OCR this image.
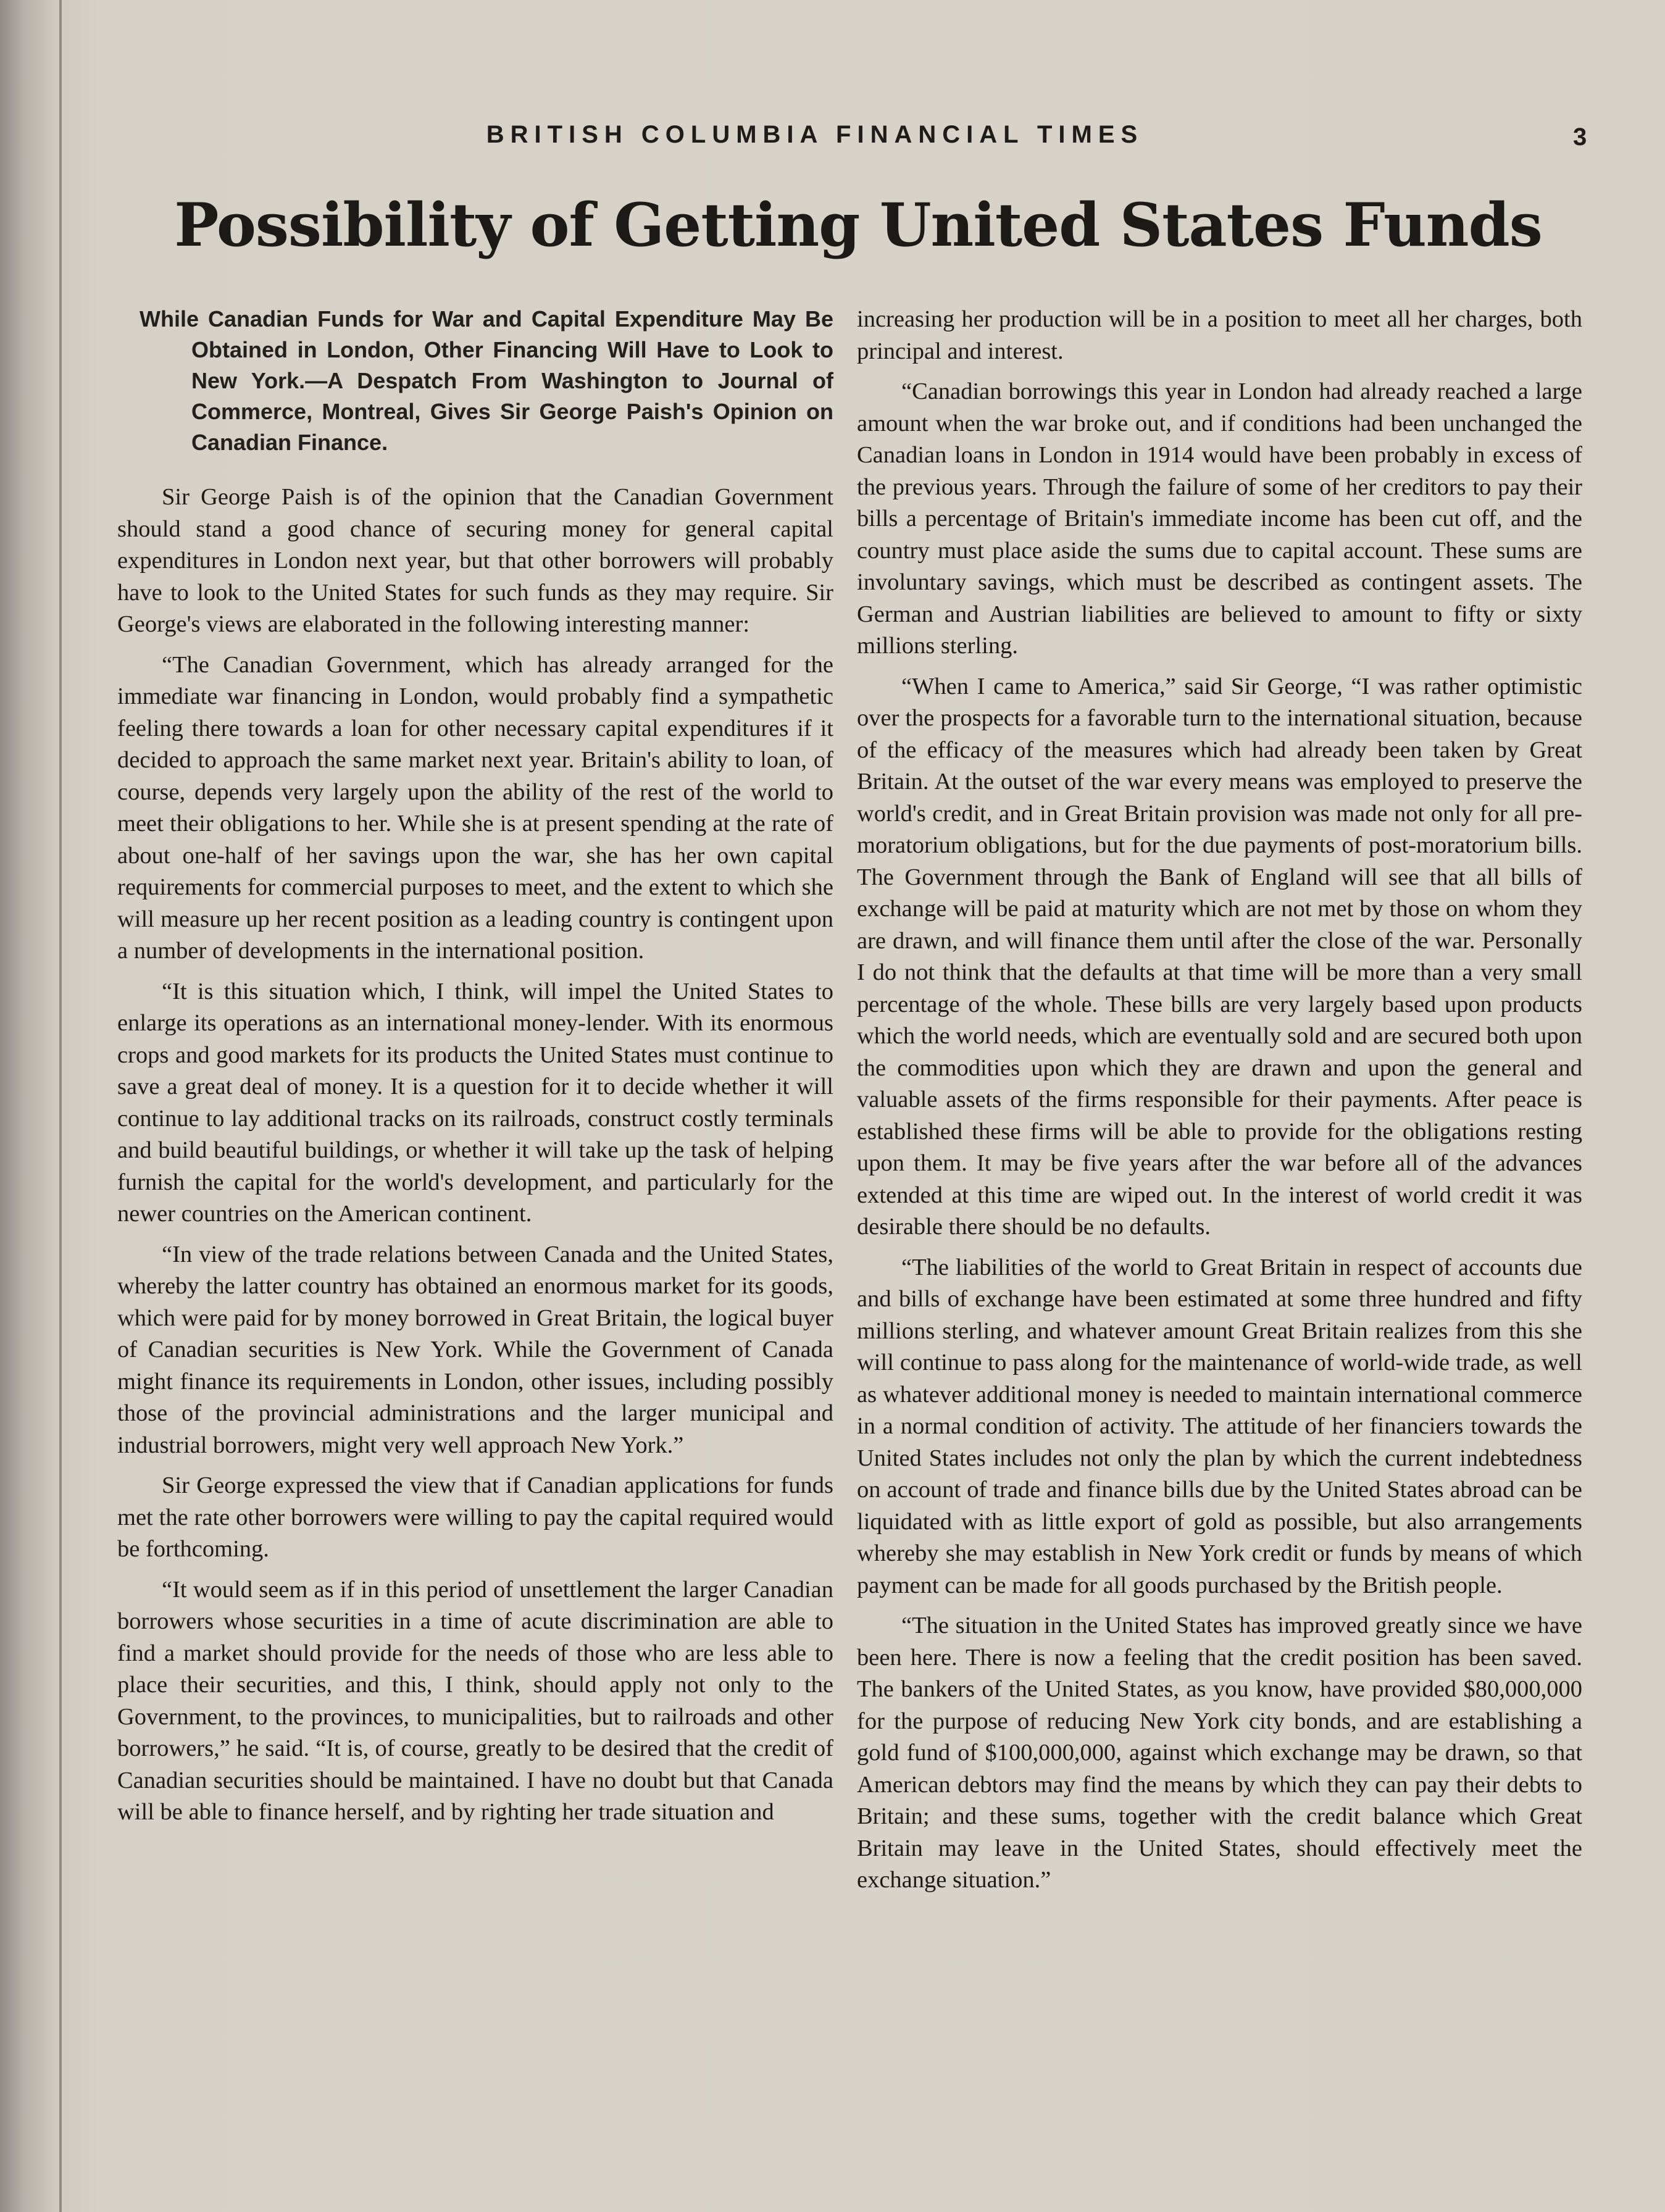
BRITISH COLUMBIA FINANCIAL TIMES	3
Possibility of Getting United States Funds

While Canadian Funds for War and Capital Expenditure May Be Obtained in London, Other Financing Will Have to Look to New York.—A Despatch From Washington to Journal of Commerce, Montreal, Gives Sir George Paish's Opinion on Canadian Finance.

Sir George Paish is of the opinion that the Canadian Government should stand a good chance of securing money for general capital expenditures in London next year, but that other borrowers will probably have to look to the United States for such funds as they may require. Sir George's views are elaborated in the following interesting manner:

“The Canadian Government, which has already arranged for the immediate war financing in London, would probably find a sympathetic feeling there towards a loan for other necessary capital expenditures if it decided to approach the same market next year. Britain's ability to loan, of course, depends very largely upon the ability of the rest of the world to meet their obligations to her. While she is at present spending at the rate of about one-half of her savings upon the war, she has her own capital requirements for commercial purposes to meet, and the extent to which she will measure up her recent position as a leading country is contingent upon a number of developments in the international position.

“It is this situation which, I think, will impel the United States to enlarge its operations as an international money-lender. With its enormous crops and good markets for its products the United States must continue to save a great deal of money. It is a question for it to decide whether it will continue to lay additional tracks on its railroads, construct costly terminals and build beautiful buildings, or whether it will take up the task of helping furnish the capital for the world's development, and particularly for the newer countries on the American continent.

“In view of the trade relations between Canada and the United States, whereby the latter country has obtained an enormous market for its goods, which were paid for by money borrowed in Great Britain, the logical buyer of Canadian securities is New York. While the Government of Canada might finance its requirements in London, other issues, including possibly those of the provincial administrations and the larger municipal and industrial borrowers, might very well approach New York.”

Sir George expressed the view that if Canadian applications for funds met the rate other borrowers were willing to pay the capital required would be forthcoming.

“It would seem as if in this period of unsettlement the larger Canadian borrowers whose securities in a time of acute discrimination are able to find a market should provide for the needs of those who are less able to place their securities, and this, I think, should apply not only to the Government, to the provinces, to municipalities, but to railroads and other borrowers,” he said. “It is, of course, greatly to be desired that the credit of Canadian securities should be maintained. I have no doubt but that Canada will be able to finance herself, and by righting her trade situation and

increasing her production will be in a position to meet all her charges, both principal and interest.

“Canadian borrowings this year in London had already reached a large amount when the war broke out, and if conditions had been unchanged the Canadian loans in London in 1914 would have been probably in excess of the previous years. Through the failure of some of her creditors to pay their bills a percentage of Britain's immediate income has been cut off, and the country must place aside the sums due to capital account. These sums are involuntary savings, which must be described as contingent assets. The German and Austrian liabilities are believed to amount to fifty or sixty millions sterling.

“When I came to America,” said Sir George, “I was rather optimistic over the prospects for a favorable turn to the international situation, because of the efficacy of the measures which had already been taken by Great Britain. At the outset of the war every means was employed to preserve the world's credit, and in Great Britain provision was made not only for all pre-moratorium obligations, but for the due payments of post-moratorium bills. The Government through the Bank of England will see that all bills of exchange will be paid at maturity which are not met by those on whom they are drawn, and will finance them until after the close of the war. Personally I do not think that the defaults at that time will be more than a very small percentage of the whole. These bills are very largely based upon products which the world needs, which are eventually sold and are secured both upon the commodities upon which they are drawn and upon the general and valuable assets of the firms responsible for their payments. After peace is established these firms will be able to provide for the obligations resting upon them. It may be five years after the war before all of the advances extended at this time are wiped out. In the interest of world credit it was desirable there should be no defaults.

“The liabilities of the world to Great Britain in respect of accounts due and bills of exchange have been estimated at some three hundred and fifty millions sterling, and whatever amount Great Britain realizes from this she will continue to pass along for the maintenance of world-wide trade, as well as whatever additional money is needed to maintain international commerce in a normal condition of activity. The attitude of her financiers towards the United States includes not only the plan by which the current indebtedness on account of trade and finance bills due by the United States abroad can be liquidated with as little export of gold as possible, but also arrangements whereby she may establish in New York credit or funds by means of which payment can be made for all goods purchased by the British people.

“The situation in the United States has improved greatly since we have been here. There is now a feeling that the credit position has been saved. The bankers of the United States, as you know, have provided $80,000,000 for the purpose of reducing New York city bonds, and are establishing a gold fund of $100,000,000, against which exchange may be drawn, so that American debtors may find the means by which they can pay their debts to Britain; and these sums, together with the credit balance which Great Britain may leave in the United States, should effectively meet the exchange situation.”
